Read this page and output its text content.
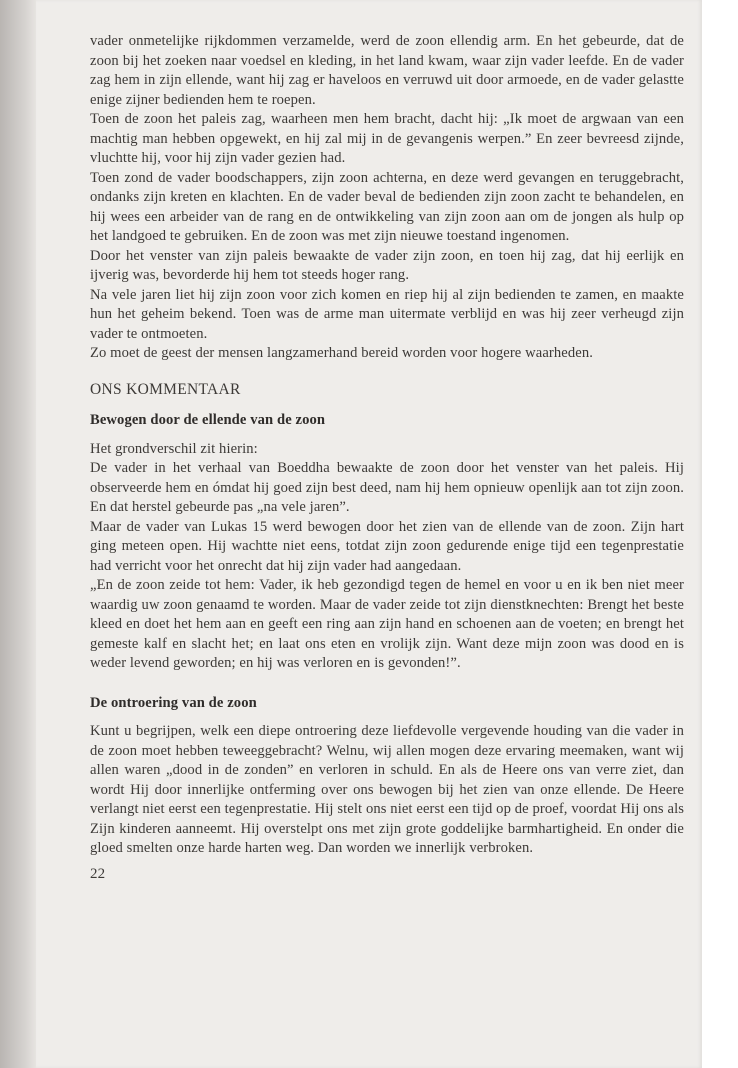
vader onmetelijke rijkdommen verzamelde, werd de zoon ellendig arm. En het gebeurde, dat de zoon bij het zoeken naar voedsel en kleding, in het land kwam, waar zijn vader leefde. En de vader zag hem in zijn ellende, want hij zag er haveloos en verruwd uit door armoede, en de vader gelastte enige zijner bedienden hem te roepen.

Toen de zoon het paleis zag, waarheen men hem bracht, dacht hij: „Ik moet de argwaan van een machtig man hebben opgewekt, en hij zal mij in de gevangenis werpen.” En zeer bevreesd zijnde, vluchtte hij, voor hij zijn vader gezien had.

Toen zond de vader boodschappers, zijn zoon achterna, en deze werd gevangen en teruggebracht, ondanks zijn kreten en klachten. En de vader beval de bedienden zijn zoon zacht te behandelen, en hij wees een arbeider van de rang en de ontwikkeling van zijn zoon aan om de jongen als hulp op het landgoed te gebruiken. En de zoon was met zijn nieuwe toestand ingenomen.

Door het venster van zijn paleis bewaakte de vader zijn zoon, en toen hij zag, dat hij eerlijk en ijverig was, bevorderde hij hem tot steeds hoger rang.

Na vele jaren liet hij zijn zoon voor zich komen en riep hij al zijn bedienden te zamen, en maakte hun het geheim bekend. Toen was de arme man uitermate verblijd en was hij zeer verheugd zijn vader te ontmoeten.

Zo moet de geest der mensen langzamerhand bereid worden voor hogere waarheden.

ONS KOMMENTAAR
Bewogen door de ellende van de zoon

Het grondverschil zit hierin:

De vader in het verhaal van Boeddha bewaakte de zoon door het venster van het paleis. Hij observeerde hem en ómdat hij goed zijn best deed, nam hij hem opnieuw openlijk aan tot zijn zoon. En dat herstel gebeurde pas „na vele jaren”.

Maar de vader van Lukas 15 werd bewogen door het zien van de ellende van de zoon. Zijn hart ging meteen open. Hij wachtte niet eens, totdat zijn zoon gedurende enige tijd een tegenprestatie had verricht voor het onrecht dat hij zijn vader had aangedaan.

„En de zoon zeide tot hem: Vader, ik heb gezondigd tegen de hemel en voor u en ik ben niet meer waardig uw zoon genaamd te worden. Maar de vader zeide tot zijn dienstknechten: Brengt het beste kleed en doet het hem aan en geeft een ring aan zijn hand en schoenen aan de voeten; en brengt het gemeste kalf en slacht het; en laat ons eten en vrolijk zijn. Want deze mijn zoon was dood en is weder levend geworden; en hij was verloren en is gevonden!”.

De ontroering van de zoon

Kunt u begrijpen, welk een diepe ontroering deze liefdevolle vergevende houding van die vader in de zoon moet hebben teweeggebracht? Welnu, wij allen mogen deze ervaring meemaken, want wij allen waren „dood in de zonden” en verloren in schuld. En als de Heere ons van verre ziet, dan wordt Hij door innerlijke ontferming over ons bewogen bij het zien van onze ellende. De Heere verlangt niet eerst een tegenprestatie. Hij stelt ons niet eerst een tijd op de proef, voordat Hij ons als Zijn kinderen aanneemt. Hij overstelpt ons met zijn grote goddelijke barmhartigheid. En onder die gloed smelten onze harde harten weg. Dan worden we innerlijk verbroken.

22
